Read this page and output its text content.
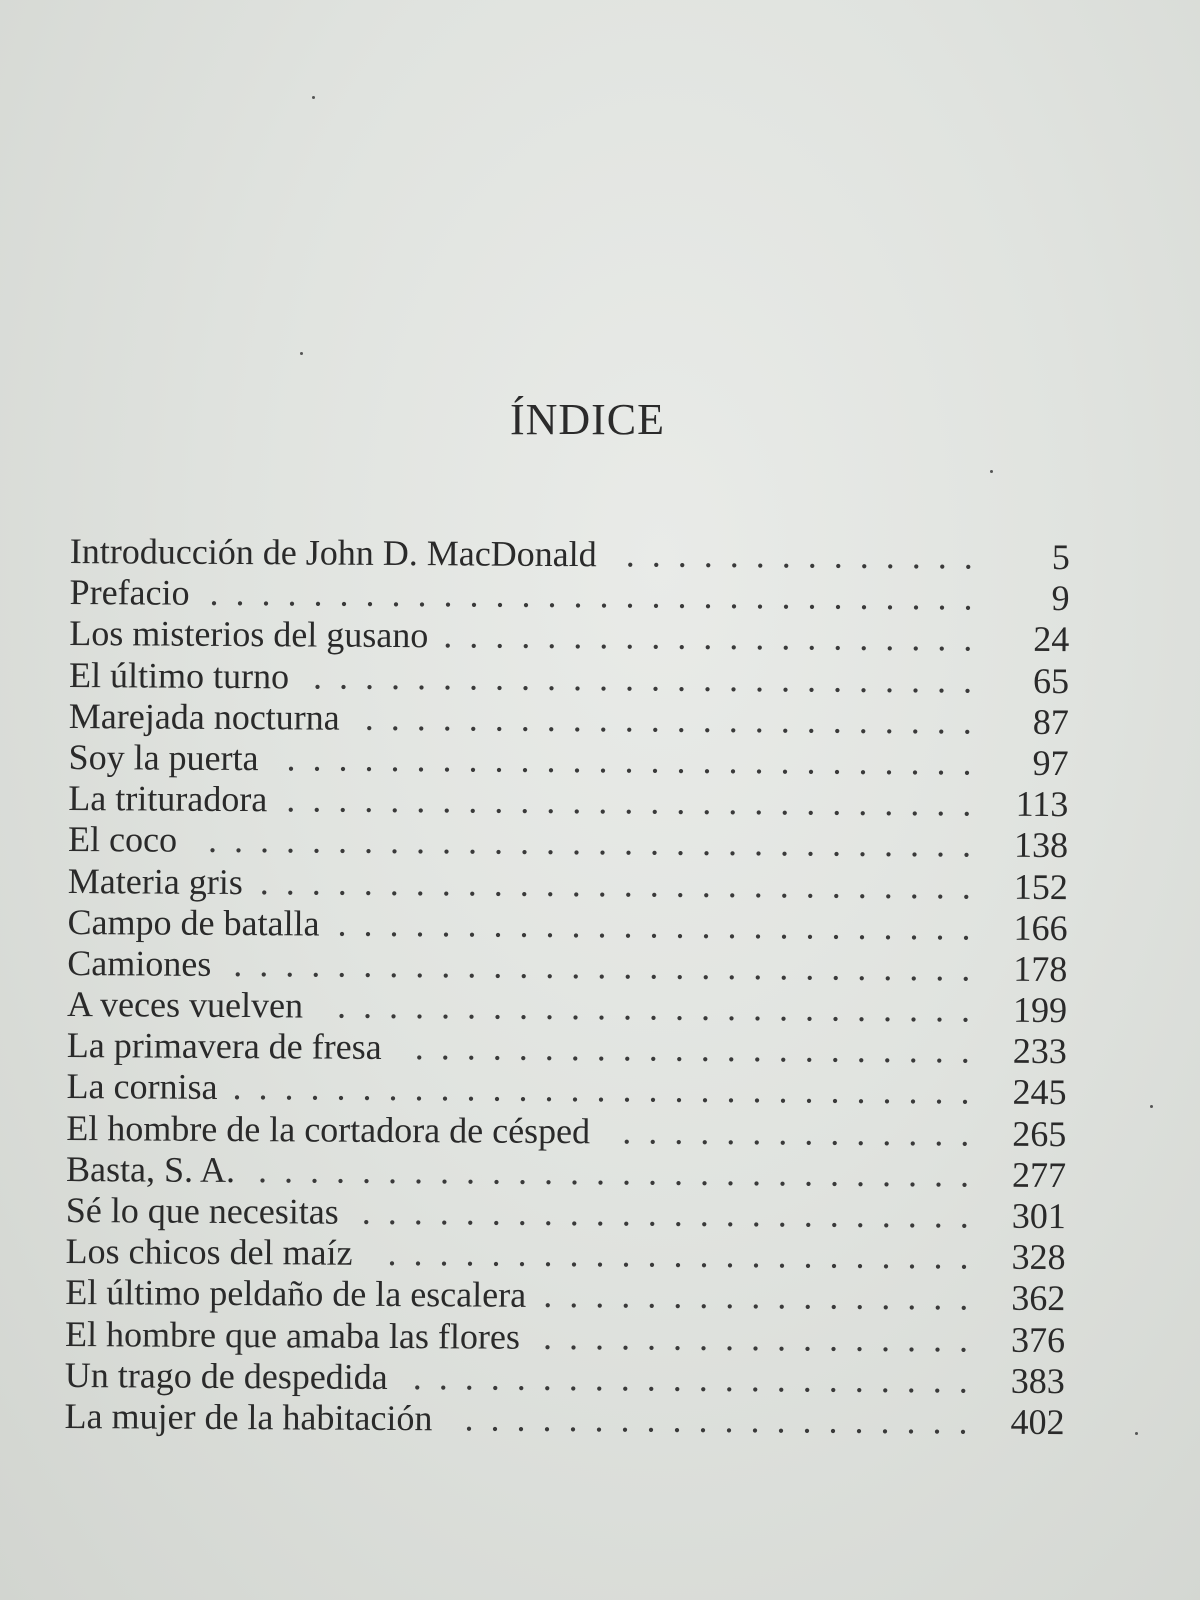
ÍNDICE
Introducción de John D. MacDonald .............. 5
Prefacio .............................. 9
Los misterios del gusano ..................... 24
El último turno .......................... 65
Marejada nocturna ........................ 87
Soy la puerta ........................... 97
La trituradora ........................... 113
El coco .............................. 138
Materia gris ............................ 152
Campo de batalla ......................... 166
Camiones ............................. 178
A veces vuelven ......................... 199
La primavera de fresa ...................... 233
La cornisa ............................. 245
El hombre de la cortadora de césped .............. 265
Basta, S. A. ............................ 277
Sé lo que necesitas ........................ 301
Los chicos del maíz ....................... 328
El último peldaño de la escalera ................. 362
El hombre que amaba las flores ................. 376
Un trago de despedida ...................... 383
La mujer de la habitación .................... 402
